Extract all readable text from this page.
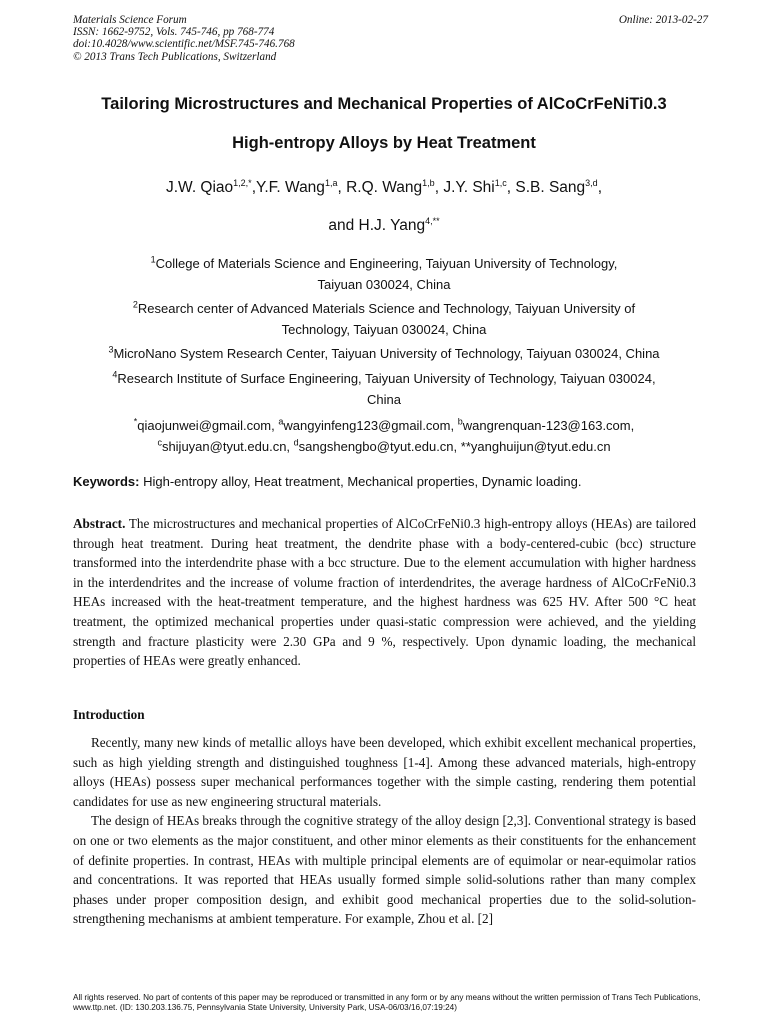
Materials Science Forum
ISSN: 1662-9752, Vols. 745-746, pp 768-774
doi:10.4028/www.scientific.net/MSF.745-746.768
© 2013 Trans Tech Publications, Switzerland
Online: 2013-02-27
Tailoring Microstructures and Mechanical Properties of AlCoCrFeNiTi0.3
High-entropy Alloys by Heat Treatment
J.W. Qiao$^{1,2,*}$,Y.F. Wang$^{1,a}$, R.Q. Wang$^{1,b}$, J.Y. Shi$^{1,c}$, S.B. Sang$^{3,d}$,
and H.J. Yang$^{4,**}$
$^1$College of Materials Science and Engineering, Taiyuan University of Technology,
Taiyuan 030024, China
$^2$Research center of Advanced Materials Science and Technology, Taiyuan University of
Technology, Taiyuan 030024, China
$^3$MicroNano System Research Center, Taiyuan University of Technology, Taiyuan 030024, China
$^4$Research Institute of Surface Engineering, Taiyuan University of Technology, Taiyuan 030024,
China
*qiaojunwei@gmail.com, $^a$wangyinfeng123@gmail.com, $^b$wangrenquan-123@163.com,
$^c$shijuyan@tyut.edu.cn, $^d$sangshengbo@tyut.edu.cn, **yanghuijun@tyut.edu.cn
Keywords: High-entropy alloy, Heat treatment, Mechanical properties, Dynamic loading.
Abstract. The microstructures and mechanical properties of AlCoCrFeNi0.3 high-entropy alloys (HEAs) are tailored through heat treatment. During heat treatment, the dendrite phase with a body-centered-cubic (bcc) structure transformed into the interdendrite phase with a bcc structure. Due to the element accumulation with higher hardness in the interdendrites and the increase of volume fraction of interdendrites, the average hardness of AlCoCrFeNi0.3 HEAs increased with the heat-treatment temperature, and the highest hardness was 625 HV. After 500 °C heat treatment, the optimized mechanical properties under quasi-static compression were achieved, and the yielding strength and fracture plasticity were 2.30 GPa and 9 %, respectively. Upon dynamic loading, the mechanical properties of HEAs were greatly enhanced.
Introduction

Recently, many new kinds of metallic alloys have been developed, which exhibit excellent mechanical properties, such as high yielding strength and distinguished toughness [1-4]. Among these advanced materials, high-entropy alloys (HEAs) possess super mechanical performances together with the simple casting, rendering them potential candidates for use as new engineering structural materials.

The design of HEAs breaks through the cognitive strategy of the alloy design [2,3]. Conventional strategy is based on one or two elements as the major constituent, and other minor elements as their constituents for the enhancement of definite properties. In contrast, HEAs with multiple principal elements are of equimolar or near-equimolar ratios and concentrations. It was reported that HEAs usually formed simple solid-solutions rather than many complex phases under proper composition design, and exhibit good mechanical properties due to the solid-solution-strengthening mechanisms at ambient temperature. For example, Zhou et al. [2]

All rights reserved. No part of contents of this paper may be reproduced or transmitted in any form or by any means without the written permission of Trans Tech Publications, www.ttp.net. (ID: 130.203.136.75, Pennsylvania State University, University Park, USA-06/03/16,07:19:24)
